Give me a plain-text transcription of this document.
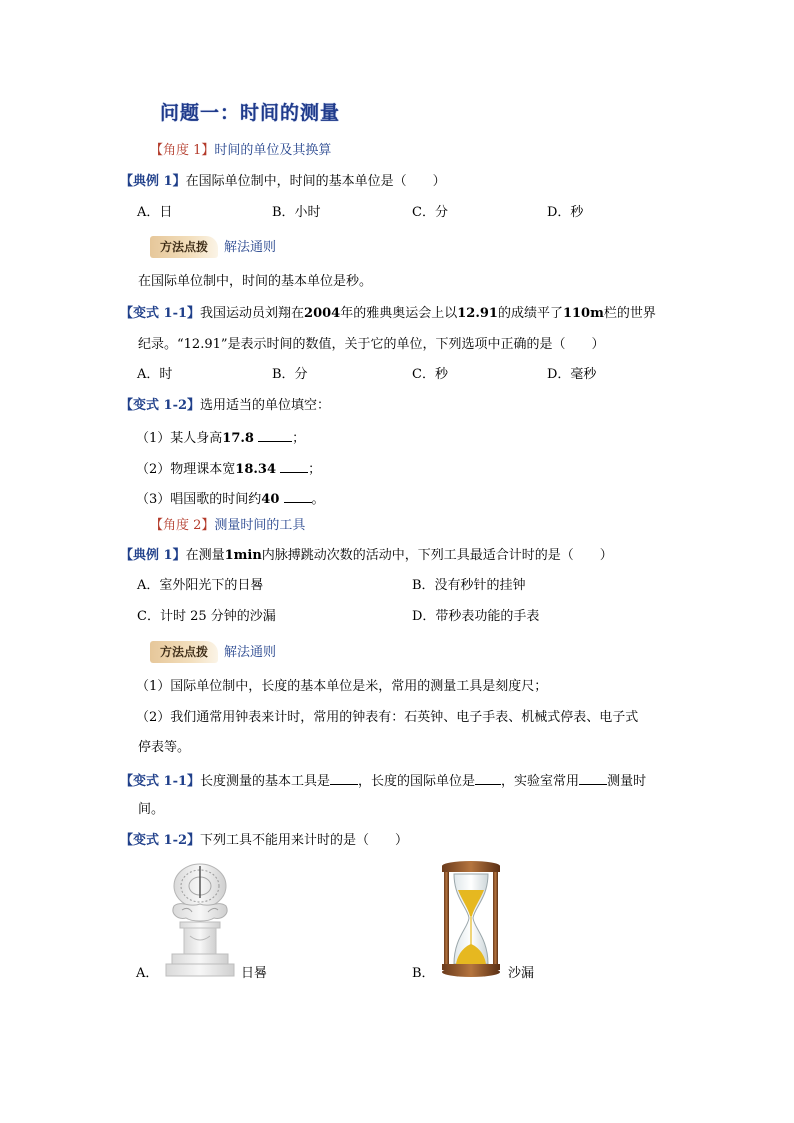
问题一：时间的测量
【角度 1】时间的单位及其换算
【典例 1】在国际单位制中，时间的基本单位是（　　）
A．日	B．小时	C．分	D．秒
方法点拨 解法通则
在国际单位制中，时间的基本单位是秒。
【变式 1-1】我国运动员刘翔在2004年的雅典奥运会上以12.91的成绩平了110m栏的世界
纪录。“12.91”是表示时间的数值，关于它的单位，下列选项中正确的是（　　）
A．时	B．分	C．秒	D．毫秒
【变式 1-2】选用适当的单位填空：
（1）某人身高17.8	；
（2）物理课本宽18.34 ；
（3）唱国歌的时间约40 。
【角度 2】测量时间的工具
【典例 1】在测量1min内脉搏跳动次数的活动中，下列工具最适合计时的是（　　）
A．室外阳光下的日晷	B．没有秒针的挂钟
C．计时 25 分钟的沙漏	D．带秒表功能的手表
方法点拨 解法通则
（1）国际单位制中，长度的基本单位是米，常用的测量工具是刻度尺；
（2）我们通常用钟表来计时，常用的钟表有：石英钟、电子手表、机械式停表、电子式
停表等。
【变式 1-1】长度测量的基本工具是 ，长度的国际单位是 ，实验室常用 测量时
间。
【变式 1-2】下列工具不能用来计时的是（　　）
A．	日晷	B．	沙漏
